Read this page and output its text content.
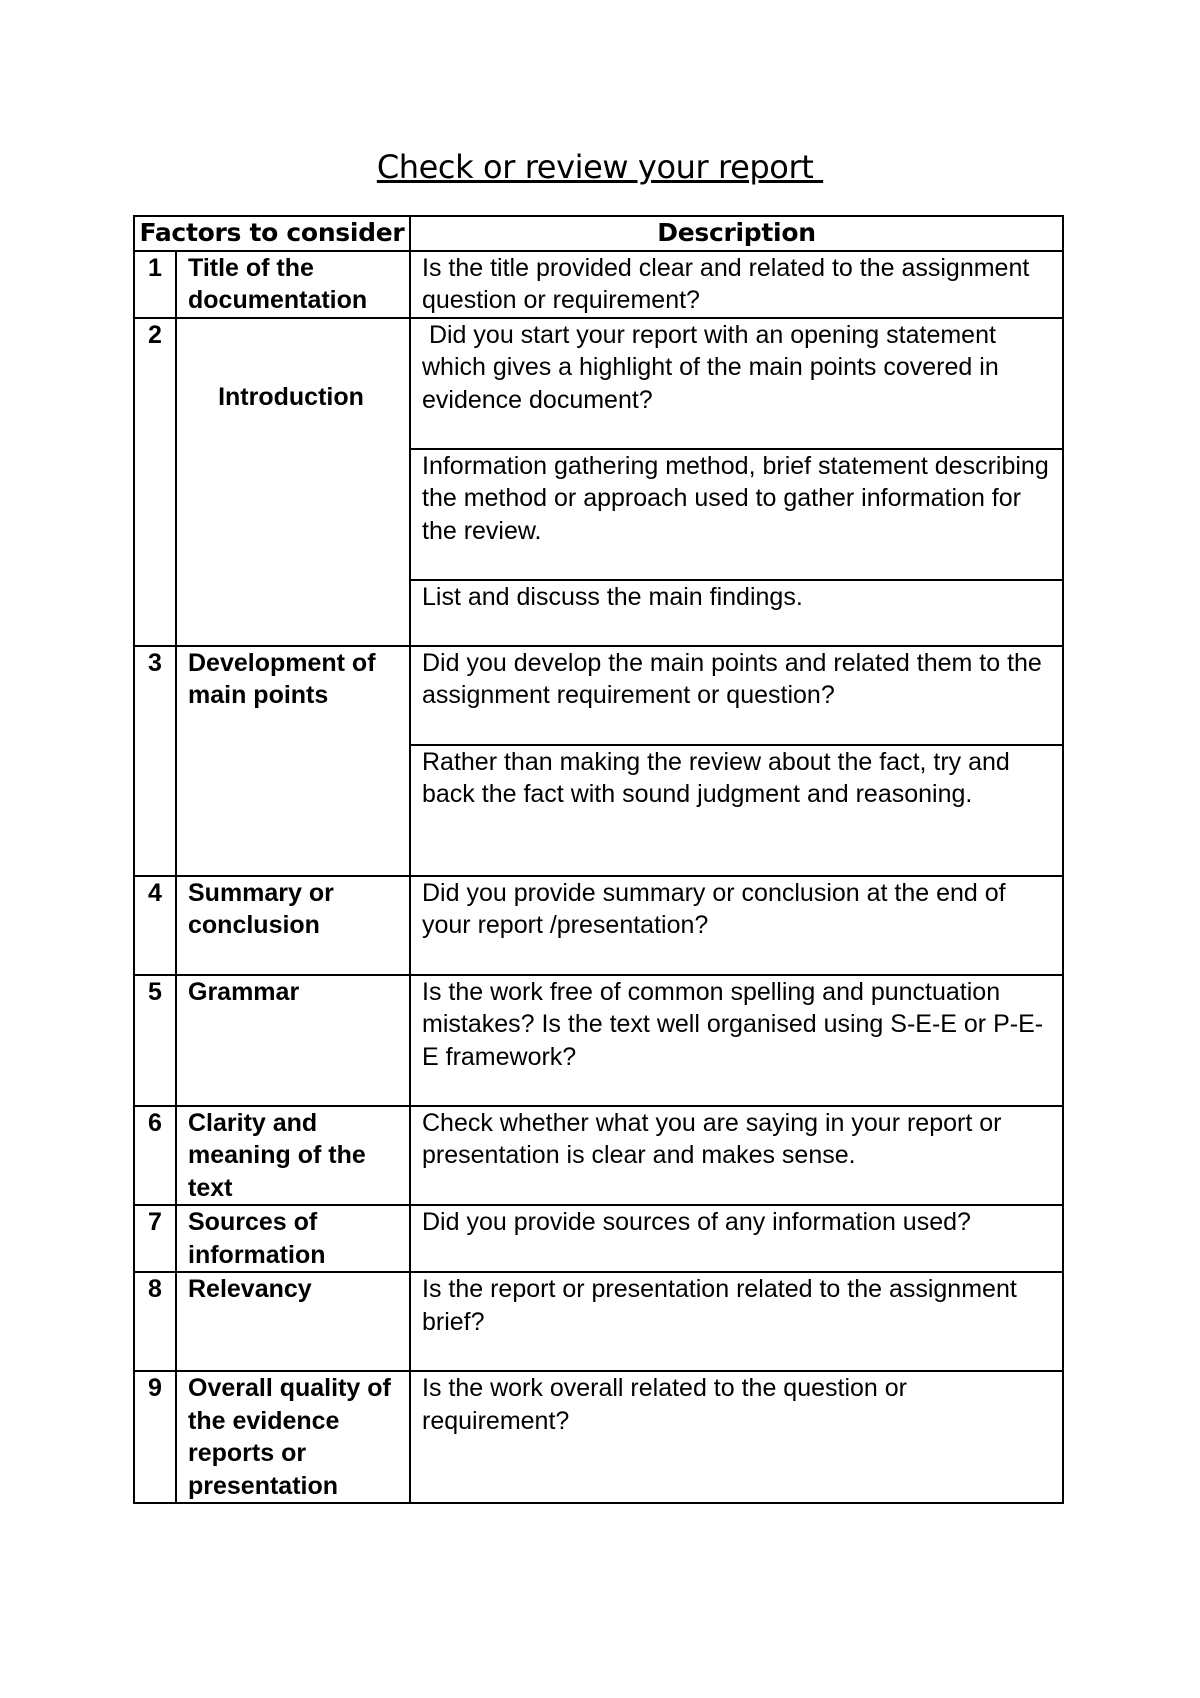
Check or review your report
Factors to consider		Description
1	Title of the documentation	Is the title provided clear and related to the assignment question or requirement?
2	Introduction	Did you start your report with an opening statement which gives a highlight of the main points covered in evidence document?
		Information gathering method, brief statement describing the method or approach used to gather information for the review.
		List and discuss the main findings.
3	Development of main points	Did you develop the main points and related them to the assignment requirement or question?
		Rather than making the review about the fact, try and back the fact with sound judgment and reasoning.
4	Summary or conclusion	Did you provide summary or conclusion at the end of your report /presentation?
5	Grammar	Is the work free of common spelling and punctuation mistakes? Is the text well organised using S-E-E or P-E-E framework?
6	Clarity and meaning of the text	Check whether what you are saying in your report or presentation is clear and makes sense.
7	Sources of information	Did you provide sources of any information used?
8	Relevancy	Is the report or presentation related to the assignment brief?
9	Overall quality of the evidence reports or presentation	Is the work overall related to the question or requirement?
